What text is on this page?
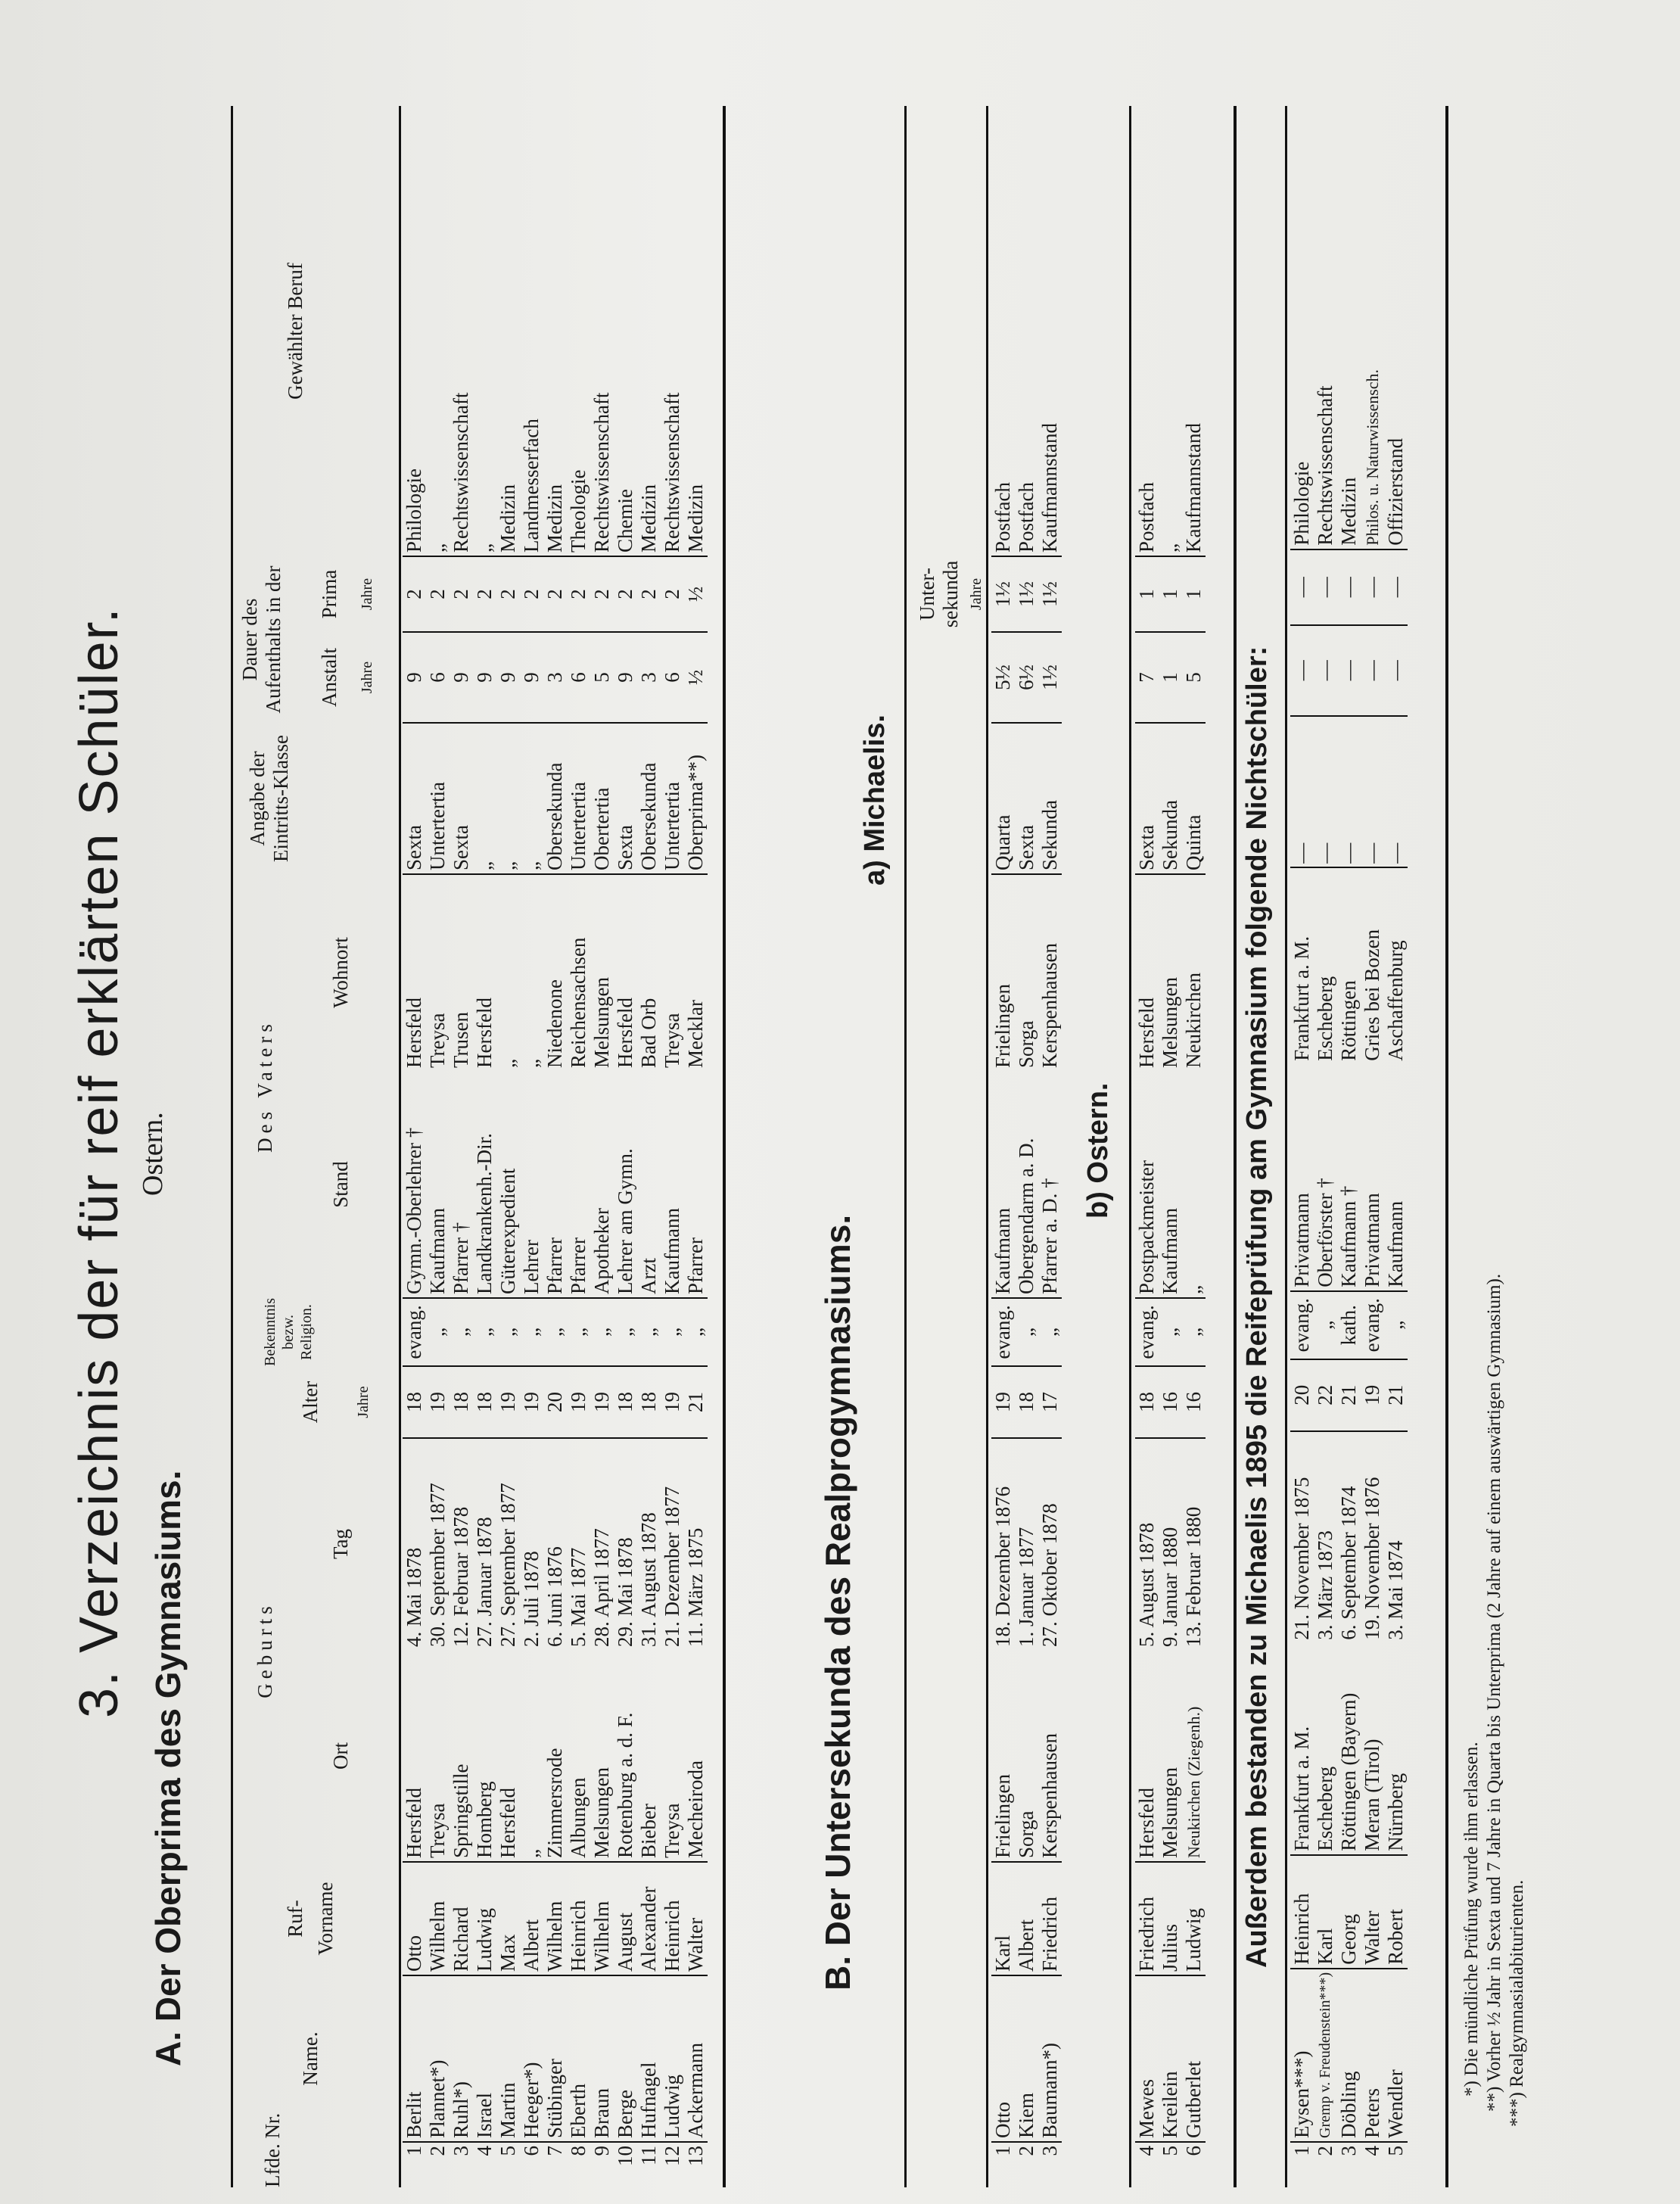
3. Verzeichnis der für reif erklärten Schüler.
A. Der Oberprima des Gymnasiums.
Ostern.
Lfde. Nr.
Name.
Ruf- Vorname
Geburts
Ort
Tag
Alter Jahre
Bekenntnis bezw. Religion.
Des Vaters
Stand
Wohnort
Angabe der Eintritts-Klasse
Dauer des Aufenthalts in der Anstalt Jahre
Prima Jahre
Gewählter Beruf
1	Berlit	Otto	Hersfeld	4. Mai 1878	18	evang.	Gymn.-Oberlehrer †	Hersfeld	Sexta	9	2	Philologie
2	Plannet*)	Wilhelm	Treysa	30. September 1877	19	„	Kaufmann	Treysa	Untertertia	6	2	„
3	Ruhl*)	Richard	Springstille	12. Februar 1878	18	„	Pfarrer †	Trusen	Sexta	9	2	Rechtswissenschaft
4	Israel	Ludwig	Homberg	27. Januar 1878	18	„	Landkrankenh.-Dir.	Hersfeld	„	9	2	„
5	Martin	Max	Hersfeld	27. September 1877	19	„	Güterexpedient	„	„	9	2	Medizin
6	Heeger*)	Albert	„	2. Juli 1878	19	„	Lehrer	„	„	9	2	Landmesserfach
7	Stübinger	Wilhelm	Zimmersrode	6. Juni 1876	20	„	Pfarrer	Niedenone	Obersekunda	3	2	Medizin
8	Eberth	Heinrich	Albungen	5. Mai 1877	19	„	Pfarrer	Reichensachsen	Untertertia	6	2	Theologie
9	Braun	Wilhelm	Melsungen	28. April 1877	19	„	Apotheker	Melsungen	Obertertia	5	2	Rechtswissenschaft
10	Berge	August	Rotenburg a. d. F.	29. Mai 1878	18	„	Lehrer am Gymn.	Hersfeld	Sexta	9	2	Chemie
11	Hufnagel	Alexander	Bieber	31. August 1878	18	„	Arzt	Bad Orb	Obersekunda	3	2	Medizin
12	Ludwig	Heinrich	Treysa	21. Dezember 1877	19	„	Kaufmann	Treysa	Untertertia	6	2	Rechtswissenschaft
13	Ackermann	Walter	Mecheiroda	11. März 1875	21	„	Pfarrer	Mecklar	Oberprima**)	½	½	Medizin
B. Der Untersekunda des Realprogymnasiums.
a) Michaelis.
Unter-sekunda Jahre
1	Otto	Karl	Frielingen	18. Dezember 1876	19	evang.	Kaufmann	Frielingen	Quarta	5½	1½	Postfach
2	Kiem	Albert	Sorga	1. Januar 1877	18	„	Obergendarm a. D.	Sorga	Sexta	6½	1½	Postfach
3	Baumann*)	Friedrich	Kerspenhausen	27. Oktober 1878	17	„	Pfarrer a. D. †	Kerspenhausen	Sekunda	1½	1½	Kaufmannstand
b) Ostern.
4	Mewes	Friedrich	Hersfeld	5. August 1878	18	evang.	Postpackmeister	Hersfeld	Sexta	7	1	Postfach
5	Kreilein	Julius	Melsungen	9. Januar 1880	16	„	Kaufmann	Melsungen	Sekunda	1	1	„
6	Gutberlet	Ludwig	Neukirchen (Ziegenh.)	13. Februar 1880	16	„	„	Neukirchen	Quinta	5	1	Kaufmannstand
Außerdem bestanden zu Michaelis 1895 die Reifeprüfung am Gymnasium folgende Nichtschüler:
1	Eysen***)	Heinrich	Frankfurt a. M.	21. November 1875	20	evang.	Privatmann	Frankfurt a. M.	—	—	—	Philologie
2	Gremp v. Freudenstein***)	Karl	Escheberg	3. März 1873	22	„	Oberförster †	Escheberg	—	—	—	Rechtswissenschaft
3	Döbling	Georg	Röttingen (Bayern)	6. September 1874	21	kath.	Kaufmann †	Röttingen	—	—	—	Medizin
4	Peters	Walter	Meran (Tirol)	19. November 1876	19	evang.	Privatmann	Gries bei Bozen	—	—	—	Philos. u. Naturwissensch.
5	Wendler	Robert	Nürnberg	3. Mai 1874	21	„	Kaufmann	Aschaffenburg	—	—	—	Offizierstand
*) Die mündliche Prüfung wurde ihm erlassen. **) Vorher ½ Jahr in Sexta und 7 Jahre in Quarta bis Unterprima (2 Jahre auf einem auswärtigen Gymnasium). ***) Realgymnasialabiturienten.
